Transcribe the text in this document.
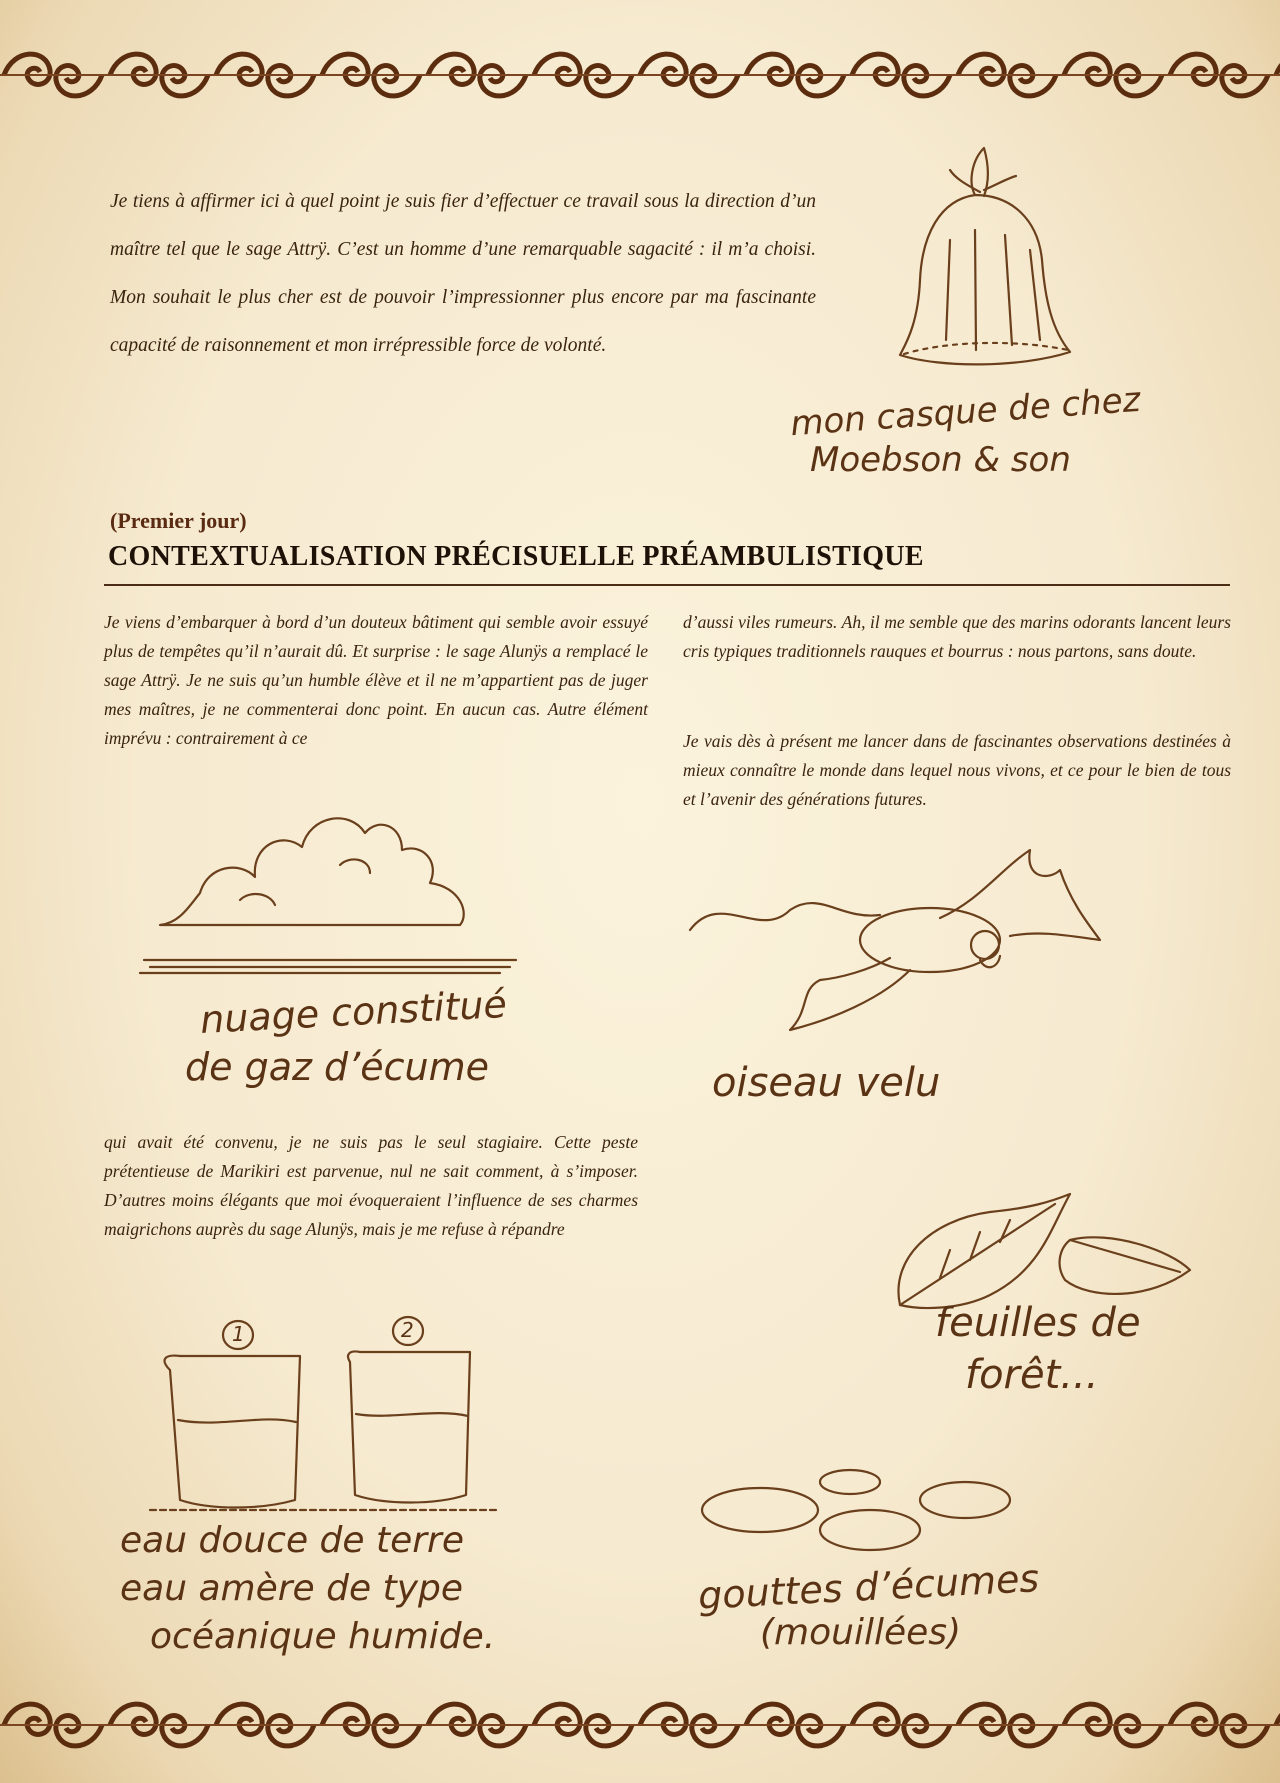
Je tiens à affirmer ici à quel point je suis fier d’effectuer ce travail sous la direction d’un maître tel que le sage Attrÿ. C’est un homme d’une remarquable sagacité : il m’a choisi. Mon souhait le plus cher est de pouvoir l’impressionner plus encore par ma fascinante capacité de raisonnement et mon irrépressible force de volonté.

mon casque de chez
Moebson & son
(Premier jour)
CONTEXTUALISATION PRÉCISUELLE PRÉAMBULISTIQUE

Je viens d’embarquer à bord d’un douteux bâtiment qui semble avoir essuyé plus de tempêtes qu’il n’aurait dû. Et surprise : le sage Alunÿs a remplacé le sage Attrÿ. Je ne suis qu’un humble élève et il ne m’appartient pas de juger mes maîtres, je ne commenterai donc point. En aucun cas. Autre élément imprévu : contrairement à ce

d’aussi viles rumeurs. Ah, il me semble que des marins odorants lancent leurs cris typiques traditionnels rauques et bourrus : nous partons, sans doute.

Je vais dès à présent me lancer dans de fascinantes observations destinées à mieux connaître le monde dans lequel nous vivons, et ce pour le bien de tous et l’avenir des générations futures.

nuage constitué
de gaz d’écume	oiseau velu

qui avait été convenu, je ne suis pas le seul stagiaire. Cette peste prétentieuse de Marikiri est parvenue, nul ne sait comment, à s’imposer. D’autres moins élégants que moi évoqueraient l’influence de ses charmes maigrichons auprès du sage Alunÿs, mais je me refuse à répandre

feuilles de
forêt...
1	2
eau douce de terre
eau amère de type
océanique humide.
gouttes d’écumes
(mouillées)
